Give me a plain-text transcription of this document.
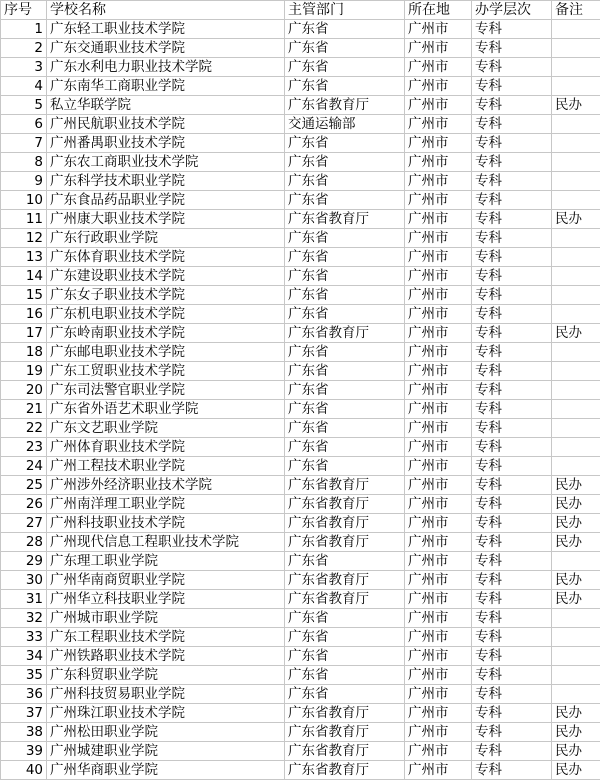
序号	学校名称	主管部门	所在地	办学层次	备注
1	广东轻工职业技术学院	广东省	广州市	专科	
2	广东交通职业技术学院	广东省	广州市	专科	
3	广东水利电力职业技术学院	广东省	广州市	专科	
4	广东南华工商职业学院	广东省	广州市	专科	
5	私立华联学院	广东省教育厅	广州市	专科	民办
6	广州民航职业技术学院	交通运输部	广州市	专科	
7	广州番禺职业技术学院	广东省	广州市	专科	
8	广东农工商职业技术学院	广东省	广州市	专科	
9	广东科学技术职业学院	广东省	广州市	专科	
10	广东食品药品职业学院	广东省	广州市	专科	
11	广州康大职业技术学院	广东省教育厅	广州市	专科	民办
12	广东行政职业学院	广东省	广州市	专科	
13	广东体育职业技术学院	广东省	广州市	专科	
14	广东建设职业技术学院	广东省	广州市	专科	
15	广东女子职业技术学院	广东省	广州市	专科	
16	广东机电职业技术学院	广东省	广州市	专科	
17	广东岭南职业技术学院	广东省教育厅	广州市	专科	民办
18	广东邮电职业技术学院	广东省	广州市	专科	
19	广东工贸职业技术学院	广东省	广州市	专科	
20	广东司法警官职业学院	广东省	广州市	专科	
21	广东省外语艺术职业学院	广东省	广州市	专科	
22	广东文艺职业学院	广东省	广州市	专科	
23	广州体育职业技术学院	广东省	广州市	专科	
24	广州工程技术职业学院	广东省	广州市	专科	
25	广州涉外经济职业技术学院	广东省教育厅	广州市	专科	民办
26	广州南洋理工职业学院	广东省教育厅	广州市	专科	民办
27	广州科技职业技术学院	广东省教育厅	广州市	专科	民办
28	广州现代信息工程职业技术学院	广东省教育厅	广州市	专科	民办
29	广东理工职业学院	广东省	广州市	专科	
30	广州华南商贸职业学院	广东省教育厅	广州市	专科	民办
31	广州华立科技职业学院	广东省教育厅	广州市	专科	民办
32	广州城市职业学院	广东省	广州市	专科	
33	广东工程职业技术学院	广东省	广州市	专科	
34	广州铁路职业技术学院	广东省	广州市	专科	
35	广东科贸职业学院	广东省	广州市	专科	
36	广州科技贸易职业学院	广东省	广州市	专科	
37	广州珠江职业技术学院	广东省教育厅	广州市	专科	民办
38	广州松田职业学院	广东省教育厅	广州市	专科	民办
39	广州城建职业学院	广东省教育厅	广州市	专科	民办
40	广州华商职业学院	广东省教育厅	广州市	专科	民办
